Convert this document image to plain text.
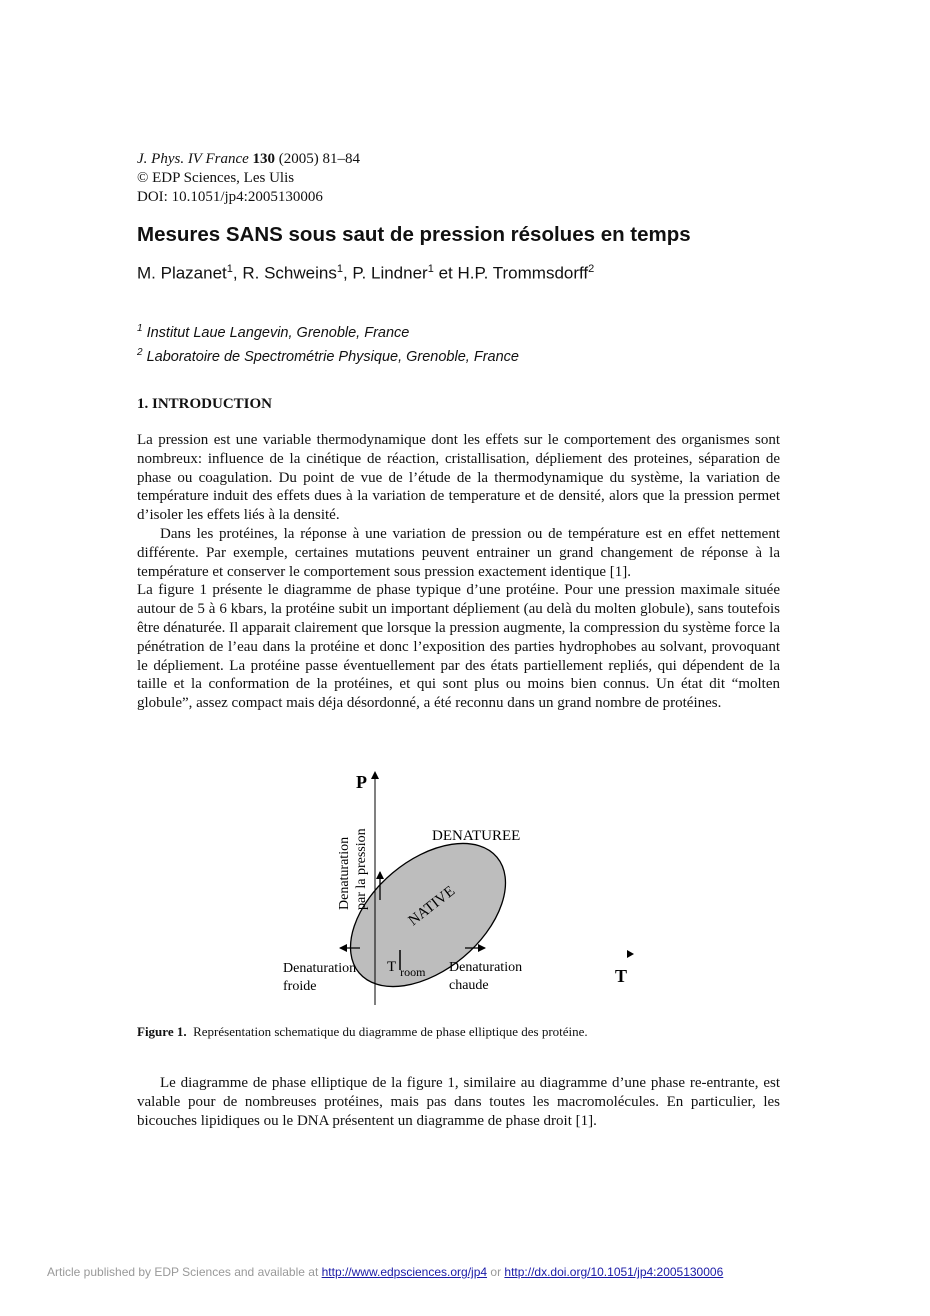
J. Phys. IV France 130 (2005) 81–84
© EDP Sciences, Les Ulis
DOI: 10.1051/jp4:2005130006
Mesures SANS sous saut de pression résolues en temps
M. Plazanet$^1$, R. Schweins$^1$, P. Lindner$^1$ et H.P. Trommsdorff$^2$
$^1$ Institut Laue Langevin, Grenoble, France
$^2$ Laboratoire de Spectrométrie Physique, Grenoble, France
1. INTRODUCTION

La pression est une variable thermodynamique dont les effets sur le comportement des organismes sont nombreux: influence de la cinétique de réaction, cristallisation, dépliement des proteines, séparation de phase ou coagulation. Du point de vue de l’étude de la thermodynamique du système, la variation de température induit des effets dues à la variation de temperature et de densité, alors que la pression permet d’isoler les effets liés à la densité.

Dans les protéines, la réponse à une variation de pression ou de température est en effet nettement différente. Par exemple, certaines mutations peuvent entrainer un grand changement de réponse à la température et conserver le comportement sous pression exactement identique [1].

La figure 1 présente le diagramme de phase typique d’une protéine. Pour une pression maximale située autour de 5 à 6 kbars, la protéine subit un important dépliement (au delà du molten globule), sans toutefois être dénaturée. Il apparait clairement que lorsque la pression augmente, la compression du système force la pénétration de l’eau dans la protéine et donc l’exposition des parties hydrophobes au solvant, provoquant le dépliement. La protéine passe éventuellement par des états partiellement repliés, qui dépendent de la taille et la conformation de la protéines, et qui sont plus ou moins bien connus. Un état dit “molten globule”, assez compact mais déja désordonné, a été reconnu dans un grand nombre de protéines.

P
T
DENATUREE
NATIVE
Denaturation par la pression
T $_{room}$
Denaturation froide
Denaturation chaude
Figure 1. Représentation schematique du diagramme de phase elliptique des protéine.

Le diagramme de phase elliptique de la figure 1, similaire au diagramme d’une phase re-entrante, est valable pour de nombreuses protéines, mais pas dans toutes les macromolécules. En particulier, les bicouches lipidiques ou le DNA présentent un diagramme de phase droit [1].

Article published by EDP Sciences and available at http://www.edpsciences.org/jp4 or http://dx.doi.org/10.1051/jp4:2005130006
